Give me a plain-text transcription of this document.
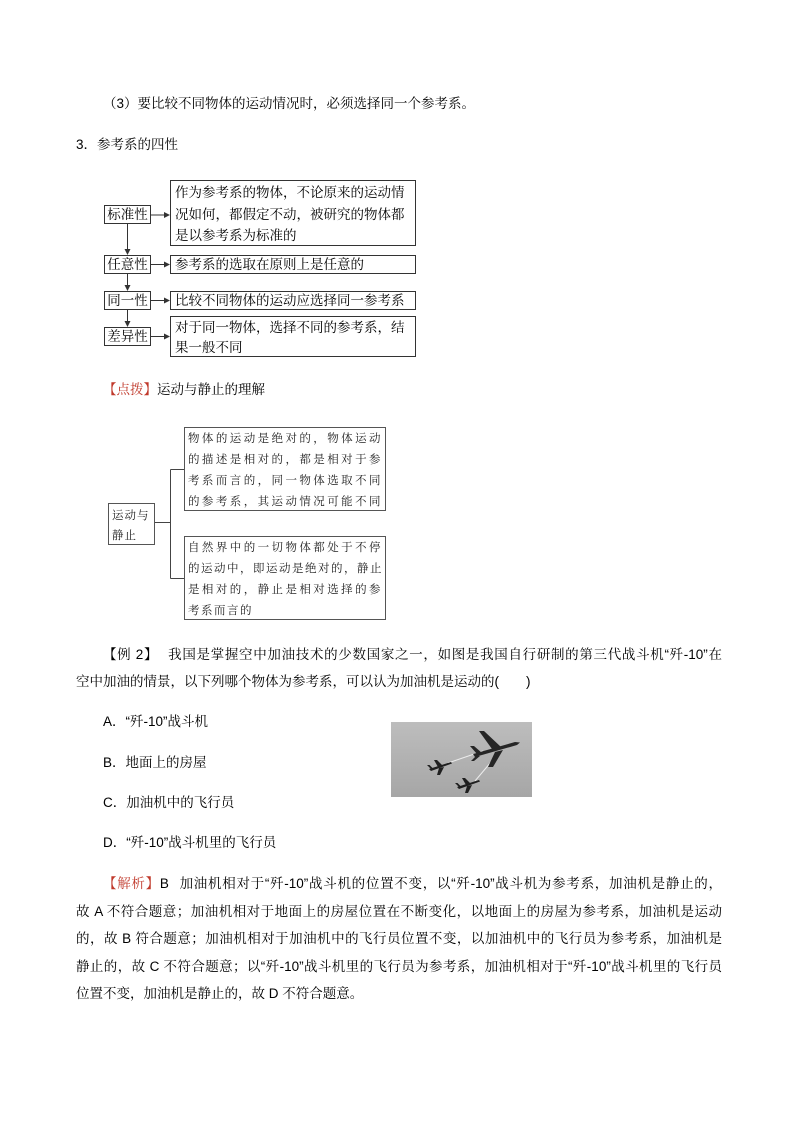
（3）要比较不同物体的运动情况时，必须选择同一个参考系。
3．参考系的四性
标准性
任意性
同一性
差异性
作为参考系的物体，不论原来的运动情
况如何，都假定不动，被研究的物体都
是以参考系为标准的
参考系的选取在原则上是任意的
比较不同物体的运动应选择同一参考系
对于同一物体，选择不同的参考系，结
果一般不同
【点拨】运动与静止的理解
运动与
静止
物体的运动是绝对的，物体运动
的描述是相对的，都是相对于参
考系而言的，同一物体选取不同
的参考系，其运动情况可能不同
自然界中的一切物体都处于不停
的运动中，即运动是绝对的，静止
是相对的，静止是相对选择的参
考系而言的
【例 2】 我国是掌握空中加油技术的少数国家之一，如图是我国自行研制的第三代战斗机“歼-10”在
空中加油的情景，以下列哪个物体为参考系，可以认为加油机是运动的(　　)
A．“歼-10”战斗机
B．地面上的房屋
C．加油机中的飞行员
D．“歼-10”战斗机里的飞行员
【解析】B 加油机相对于“歼-10”战斗机的位置不变，以“歼-10”战斗机为参考系，加油机是静止的，
故 A 不符合题意；加油机相对于地面上的房屋位置在不断变化，以地面上的房屋为参考系，加油机是运动
的，故 B 符合题意；加油机相对于加油机中的飞行员位置不变，以加油机中的飞行员为参考系，加油机是
静止的，故 C 不符合题意；以“歼-10”战斗机里的飞行员为参考系，加油机相对于“歼-10”战斗机里的飞行员
位置不变，加油机是静止的，故 D 不符合题意。
